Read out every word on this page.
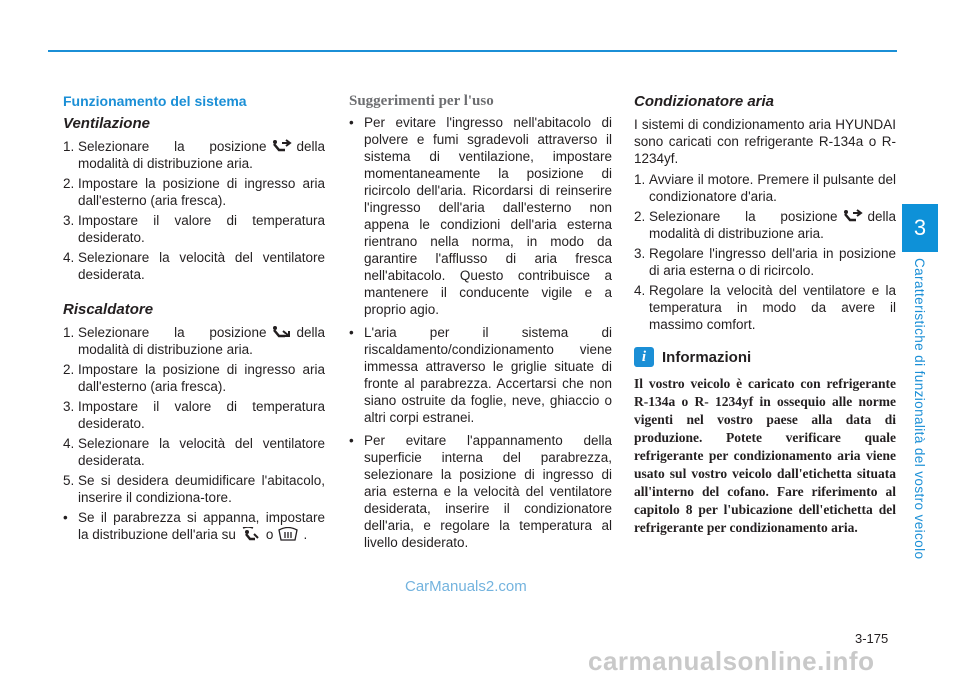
3
Caratteristiche di funzionalità del vostro veicolo
Funzionamento del sistema
Ventilazione
1. Selezionare la posizione della modalità di distribuzione aria.
2. Impostare la posizione di ingresso aria dall'esterno (aria fresca).
3. Impostare il valore di temperatura desiderato.
4. Selezionare la velocità del ventilatore desiderata.
Riscaldatore
1. Selezionare la posizione della modalità di distribuzione aria.
2. Impostare la posizione di ingresso aria dall'esterno (aria fresca).
3. Impostare il valore di temperatura desiderato.
4. Selezionare la velocità del ventilatore desiderata.
5. Se si desidera deumidificare l'abitacolo, inserire il condiziona-tore.
• Se il parabrezza si appanna, impostare la distribuzione dell'aria su o .
Suggerimenti per l'uso
• Per evitare l'ingresso nell'abitacolo di polvere e fumi sgradevoli attraverso il sistema di ventilazione, impostare momentaneamente la posizione di ricircolo dell'aria. Ricordarsi di reinserire l'ingresso dell'aria dall'esterno non appena le condizioni dell'aria esterna rientrano nella norma, in modo da garantire l'afflusso di aria fresca nell'abitacolo. Questo contribuisce a mantenere il conducente vigile e a proprio agio.
• L'aria per il sistema di riscaldamento/condizionamento viene immessa attraverso le griglie situate di fronte al parabrezza. Accertarsi che non siano ostruite da foglie, neve, ghiaccio o altri corpi estranei.
• Per evitare l'appannamento della superficie interna del parabrezza, selezionare la posizione di ingresso di aria esterna e la velocità del ventilatore desiderata, inserire il condizionatore dell'aria, e regolare la temperatura al livello desiderato.
Condizionatore aria
I sistemi di condizionamento aria HYUNDAI sono caricati con refrigerante R-134a o R-1234yf.
1. Avviare il motore. Premere il pulsante del condizionatore d'aria.
2. Selezionare la posizione della modalità di distribuzione aria.
3. Regolare l'ingresso dell'aria in posizione di aria esterna o di ricircolo.
4. Regolare la velocità del ventilatore e la temperatura in modo da avere il massimo comfort.
i	Informazioni
Il vostro veicolo è caricato con refrigerante R-134a o R- 1234yf in ossequio alle norme vigenti nel vostro paese alla data di produzione. Potete verificare quale refrigerante per condizionamento aria viene usato sul vostro veicolo dall'etichetta situata all'interno del cofano. Fare riferimento al capitolo 8 per l'ubicazione dell'etichetta del refrigerante per condizionamento aria.
3-175
CarManuals2.com
carmanualsonline.info
